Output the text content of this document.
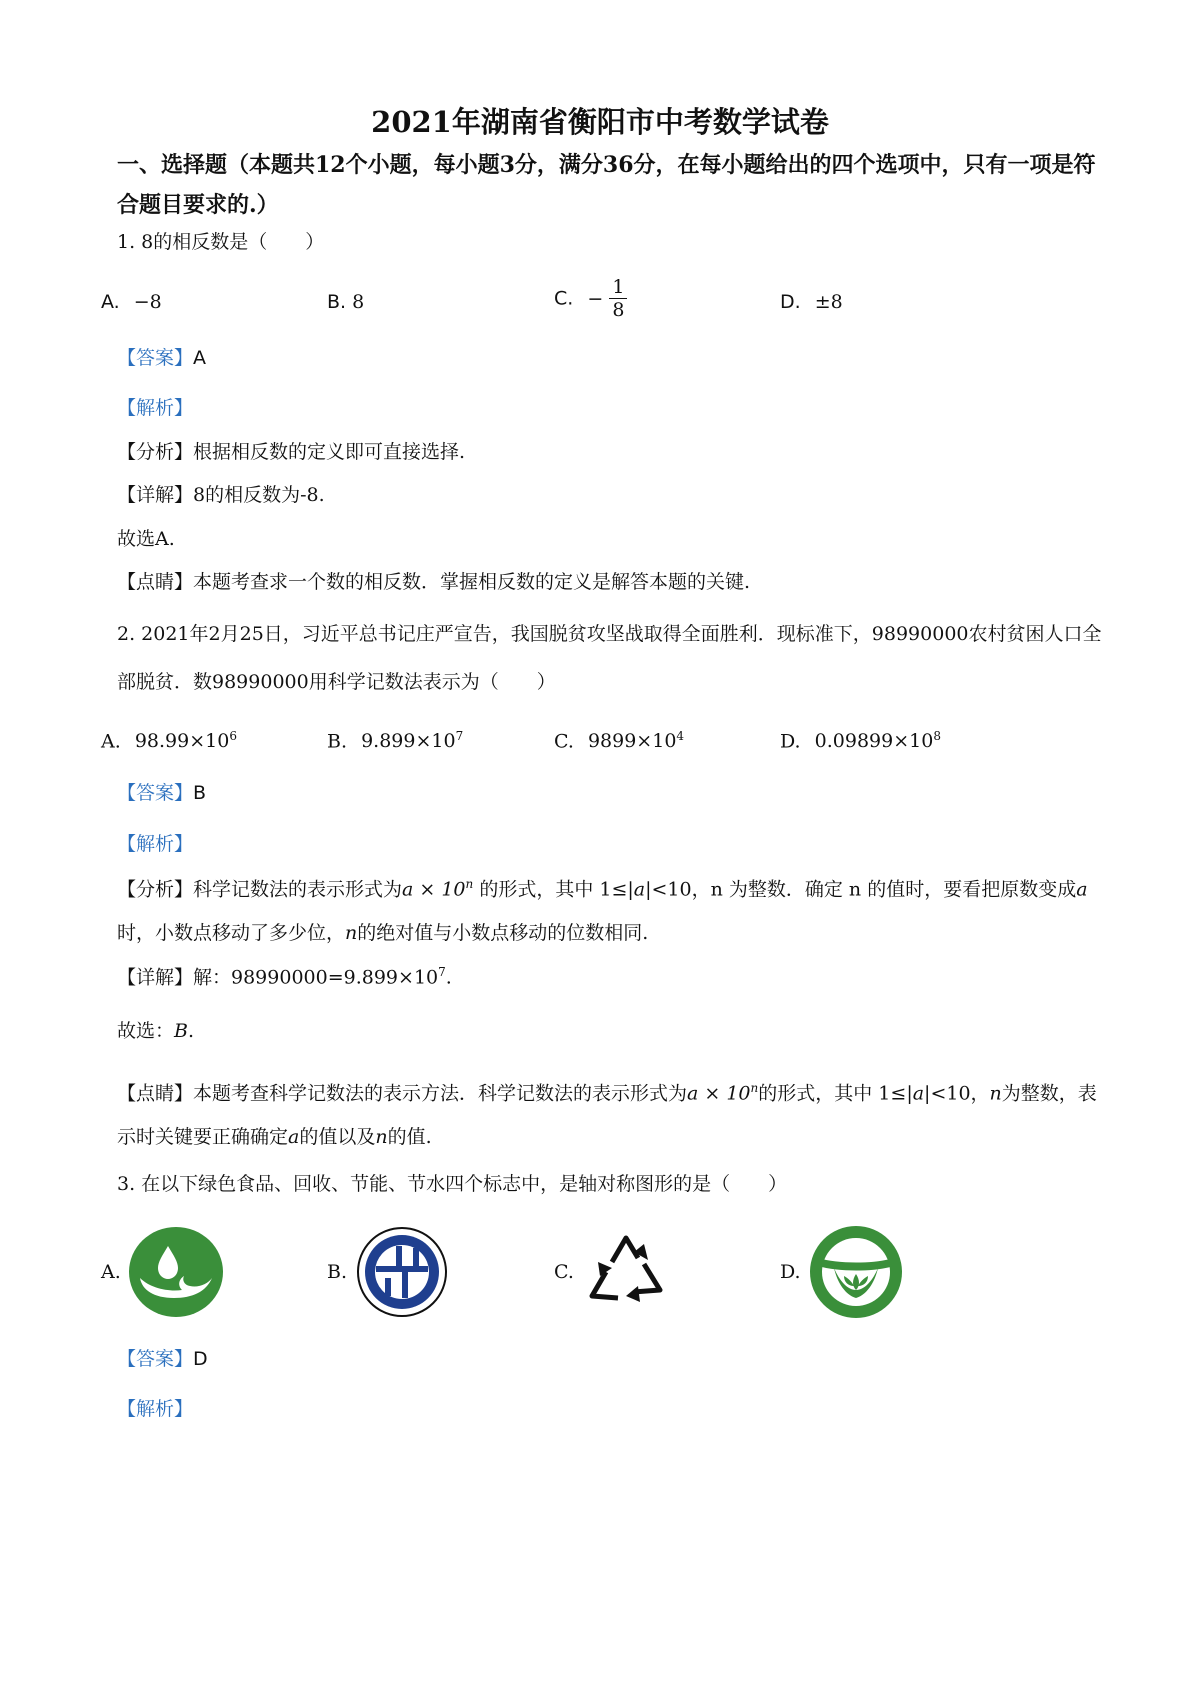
2021年湖南省衡阳市中考数学试卷
一、选择题（本题共12个小题，每小题3分，满分36分，在每小题给出的四个选项中，只有一项是符合题目要求的.）
1. 8的相反数是（　　）
A. −8	B. 8	C. − $\frac{1}{8}$	D. ±8
【答案】A
【解析】
【分析】根据相反数的定义即可直接选择.
【详解】8的相反数为-8.
故选A.
【点睛】本题考查求一个数的相反数．掌握相反数的定义是解答本题的关键.
2. 2021年2月25日，习近平总书记庄严宣告，我国脱贫攻坚战取得全面胜利．现标准下，98990000农村贫困人口全部脱贫．数98990000用科学记数法表示为（　　）
A. $98.99\times 10^6$	B. $9.899\times 10^7$	C. $9899\times 10^4$	D. $0.09899\times 10^8$
【答案】B
【解析】
【分析】科学记数法的表示形式为$a \times 10^n$ 的形式，其中 1≤|a|<10，n 为整数．确定 n 的值时，要看把原数变成a时，小数点移动了多少位，n的绝对值与小数点移动的位数相同.
【详解】解：$98990000=9.899\times 10^7$.
故选：B.
【点睛】本题考查科学记数法的表示方法．科学记数法的表示形式为$a \times 10^n$的形式，其中 1≤|a|<10，n为整数，表示时关键要正确确定a的值以及n的值.
3. 在以下绿色食品、回收、节能、节水四个标志中，是轴对称图形的是（　　）
A.	B.	C.	D.
【答案】D
【解析】
